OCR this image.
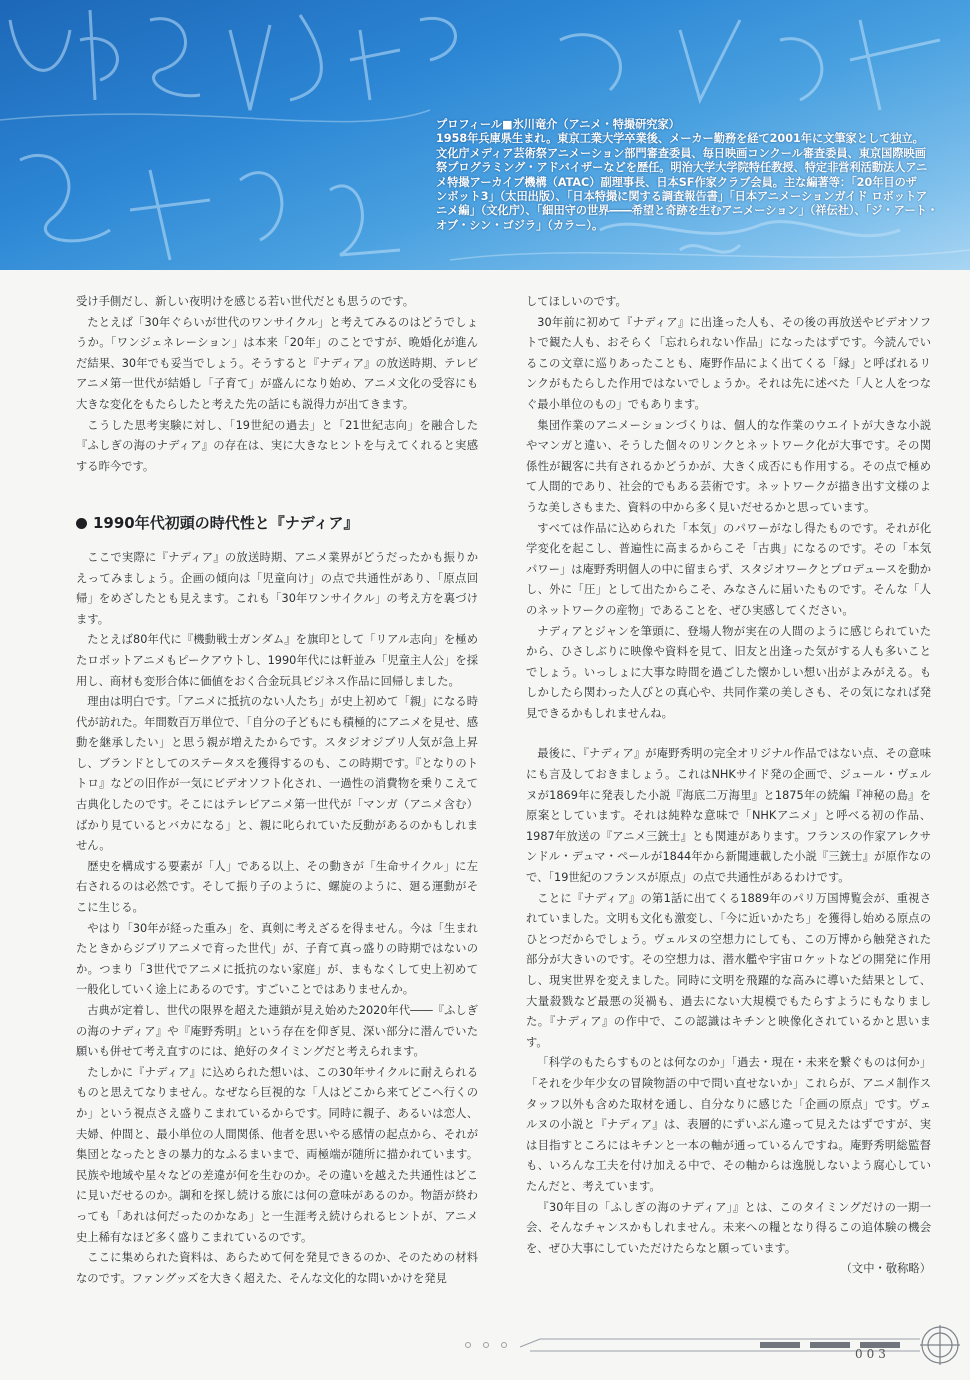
プロフィール■氷川竜介（アニメ・特撮研究家）

1958年兵庫県生まれ。東京工業大学卒業後、メーカー勤務を経て2001年に文筆家として独立。

文化庁メディア芸術祭アニメーション部門審査委員、毎日映画コンクール審査委員、東京国際映画

祭プログラミング・アドバイザーなどを歴任。明治大学大学院特任教授、特定非営利活動法人アニ

メ特撮アーカイブ機構（ATAC）副理事長、日本SF作家クラブ会員。主な編著等：「20年目のザ

ンボット3」（太田出版）、「日本特撮に関する調査報告書」「日本アニメーションガイド ロボットア

ニメ編」（文化庁）、「細田守の世界――希望と奇跡を生むアニメーション」（祥伝社）、「ジ・アート・

オブ・シン・ゴジラ」（カラー）。

受け手側だし、新しい夜明けを感じる若い世代だとも思うのです。

たとえば「30年ぐらいが世代のワンサイクル」と考えてみるのはどうでしょうか。「ワンジェネレーション」は本来「20年」のことですが、晩婚化が進んだ結果、30年でも妥当でしょう。そうすると『ナディア』の放送時期、テレビアニメ第一世代が結婚し「子育て」が盛んになり始め、アニメ文化の受容にも大きな変化をもたらしたと考えた先の話にも説得力が出てきます。

こうした思考実験に対し、「19世紀の過去」と「21世紀志向」を融合した『ふしぎの海のナディア』の存在は、実に大きなヒントを与えてくれると実感する昨今です。

1990年代初頭の時代性と『ナディア』

ここで実際に『ナディア』の放送時期、アニメ業界がどうだったかも振りかえってみましょう。企画の傾向は「児童向け」の点で共通性があり、「原点回帰」をめざしたとも見えます。これも「30年ワンサイクル」の考え方を裏づけます。

たとえば80年代に『機動戦士ガンダム』を旗印として「リアル志向」を極めたロボットアニメもピークアウトし、1990年代には軒並み「児童主人公」を採用し、商材も変形合体に価値をおく合金玩具ビジネス作品に回帰しました。

理由は明白です。「アニメに抵抗のない人たち」が史上初めて「親」になる時代が訪れた。年間数百万単位で、「自分の子どもにも積極的にアニメを見せ、感動を継承したい」と思う親が増えたからです。スタジオジブリ人気が急上昇し、ブランドとしてのステータスを獲得するのも、この時期です。『となりのトトロ』などの旧作が一気にビデオソフト化され、一過性の消費物を乗りこえて古典化したのです。そこにはテレビアニメ第一世代が「マンガ（アニメ含む）ばかり見ているとバカになる」と、親に叱られていた反動があるのかもしれません。

歴史を構成する要素が「人」である以上、その動きが「生命サイクル」に左右されるのは必然です。そして振り子のように、螺旋のように、廻る運動がそこに生じる。

やはり「30年が経った重み」を、真剣に考えざるを得ません。今は「生まれたときからジブリアニメで育った世代」が、子育て真っ盛りの時期ではないのか。つまり「3世代でアニメに抵抗のない家庭」が、まもなくして史上初めて一般化していく途上にあるのです。すごいことではありませんか。

古典が定着し、世代の限界を超えた連鎖が見え始めた2020年代――『ふしぎの海のナディア』や『庵野秀明』という存在を仰ぎ見、深い部分に潜んでいた願いも併せて考え直すのには、絶好のタイミングだと考えられます。

たしかに『ナディア』に込められた想いは、この30年サイクルに耐えられるものと思えてなりません。なぜなら巨視的な「人はどこから来てどこへ行くのか」という視点さえ盛りこまれているからです。同時に親子、あるいは恋人、夫婦、仲間と、最小単位の人間関係、他者を思いやる感情の起点から、それが集団となったときの暴力的なふるまいまで、両極端が随所に描かれています。民族や地域や星々などの差違が何を生むのか。その違いを越えた共通性はどこに見いだせるのか。調和を探し続ける旅には何の意味があるのか。物語が終わっても「あれは何だったのかなあ」と一生涯考え続けられるヒントが、アニメ史上稀有なほど多く盛りこまれているのです。

ここに集められた資料は、あらためて何を発見できるのか、そのための材料なのです。ファングッズを大きく超えた、そんな文化的な問いかけを発見

してほしいのです。

30年前に初めて『ナディア』に出逢った人も、その後の再放送やビデオソフトで観た人も、おそらく「忘れられない作品」になったはずです。今読んでいるこの文章に巡りあったことも、庵野作品によく出てくる「縁」と呼ばれるリンクがもたらした作用ではないでしょうか。それは先に述べた「人と人をつなぐ最小単位のもの」でもあります。

集団作業のアニメーションづくりは、個人的な作業のウエイトが大きな小説やマンガと違い、そうした個々のリンクとネットワーク化が大事です。その関係性が観客に共有されるかどうかが、大きく成否にも作用する。その点で極めて人間的であり、社会的でもある芸術です。ネットワークが描き出す文様のような美しさもまた、資料の中から多く見いだせるかと思っています。

すべては作品に込められた「本気」のパワーがなし得たものです。それが化学変化を起こし、普遍性に高まるからこそ「古典」になるのです。その「本気パワー」は庵野秀明個人の中に留まらず、スタジオワークとプロデュースを動かし、外に「圧」として出たからこそ、みなさんに届いたものです。そんな「人のネットワークの産物」であることを、ぜひ実感してください。

ナディアとジャンを筆頭に、登場人物が実在の人間のように感じられていたから、ひさしぶりに映像や資料を見て、旧友と出逢った気がする人も多いことでしょう。いっしょに大事な時間を過ごした懐かしい想い出がよみがえる。もしかしたら関わった人びとの真心や、共同作業の美しさも、その気になれば発見できるかもしれませんね。

最後に、『ナディア』が庵野秀明の完全オリジナル作品ではない点、その意味にも言及しておきましょう。これはNHKサイド発の企画で、ジュール・ヴェルヌが1869年に発表した小説『海底二万海里』と1875年の続編『神秘の島』を原案としています。それは純粋な意味で「NHKアニメ」と呼べる初の作品、1987年放送の『アニメ三銃士』とも関連があります。フランスの作家アレクサンドル・デュマ・ペールが1844年から新聞連載した小説『三銃士』が原作なので、「19世紀のフランスが原点」の点で共通性があるわけです。

ことに『ナディア』の第1話に出てくる1889年のパリ万国博覧会が、重視されていました。文明も文化も激変し、「今に近いかたち」を獲得し始める原点のひとつだからでしょう。ヴェルヌの空想力にしても、この万博から触発された部分が大きいのです。その空想力は、潜水艦や宇宙ロケットなどの開発に作用し、現実世界を変えました。同時に文明を飛躍的な高みに導いた結果として、大量殺戮など最悪の災禍も、過去にない大規模でもたらすようにもなりました。『ナディア』の作中で、この認識はキチンと映像化されているかと思います。

「科学のもたらすものとは何なのか」「過去・現在・未来を繋ぐものは何か」「それを少年少女の冒険物語の中で問い直せないか」これらが、アニメ制作スタッフ以外も含めた取材を通し、自分なりに感じた「企画の原点」です。ヴェルヌの小説と『ナディア』は、表層的にずいぶん違って見えたはずですが、実は目指すところにはキチンと一本の軸が通っているんですね。庵野秀明総監督も、いろんな工夫を付け加える中で、その軸からは逸脱しないよう腐心していたんだと、考えています。

『30年目の「ふしぎの海のナディア」』とは、このタイミングだけの一期一会、そんなチャンスかもしれません。未来への糧となり得るこの追体験の機会を、ぜひ大事にしていただけたらなと願っています。

（文中・敬称略）

003
